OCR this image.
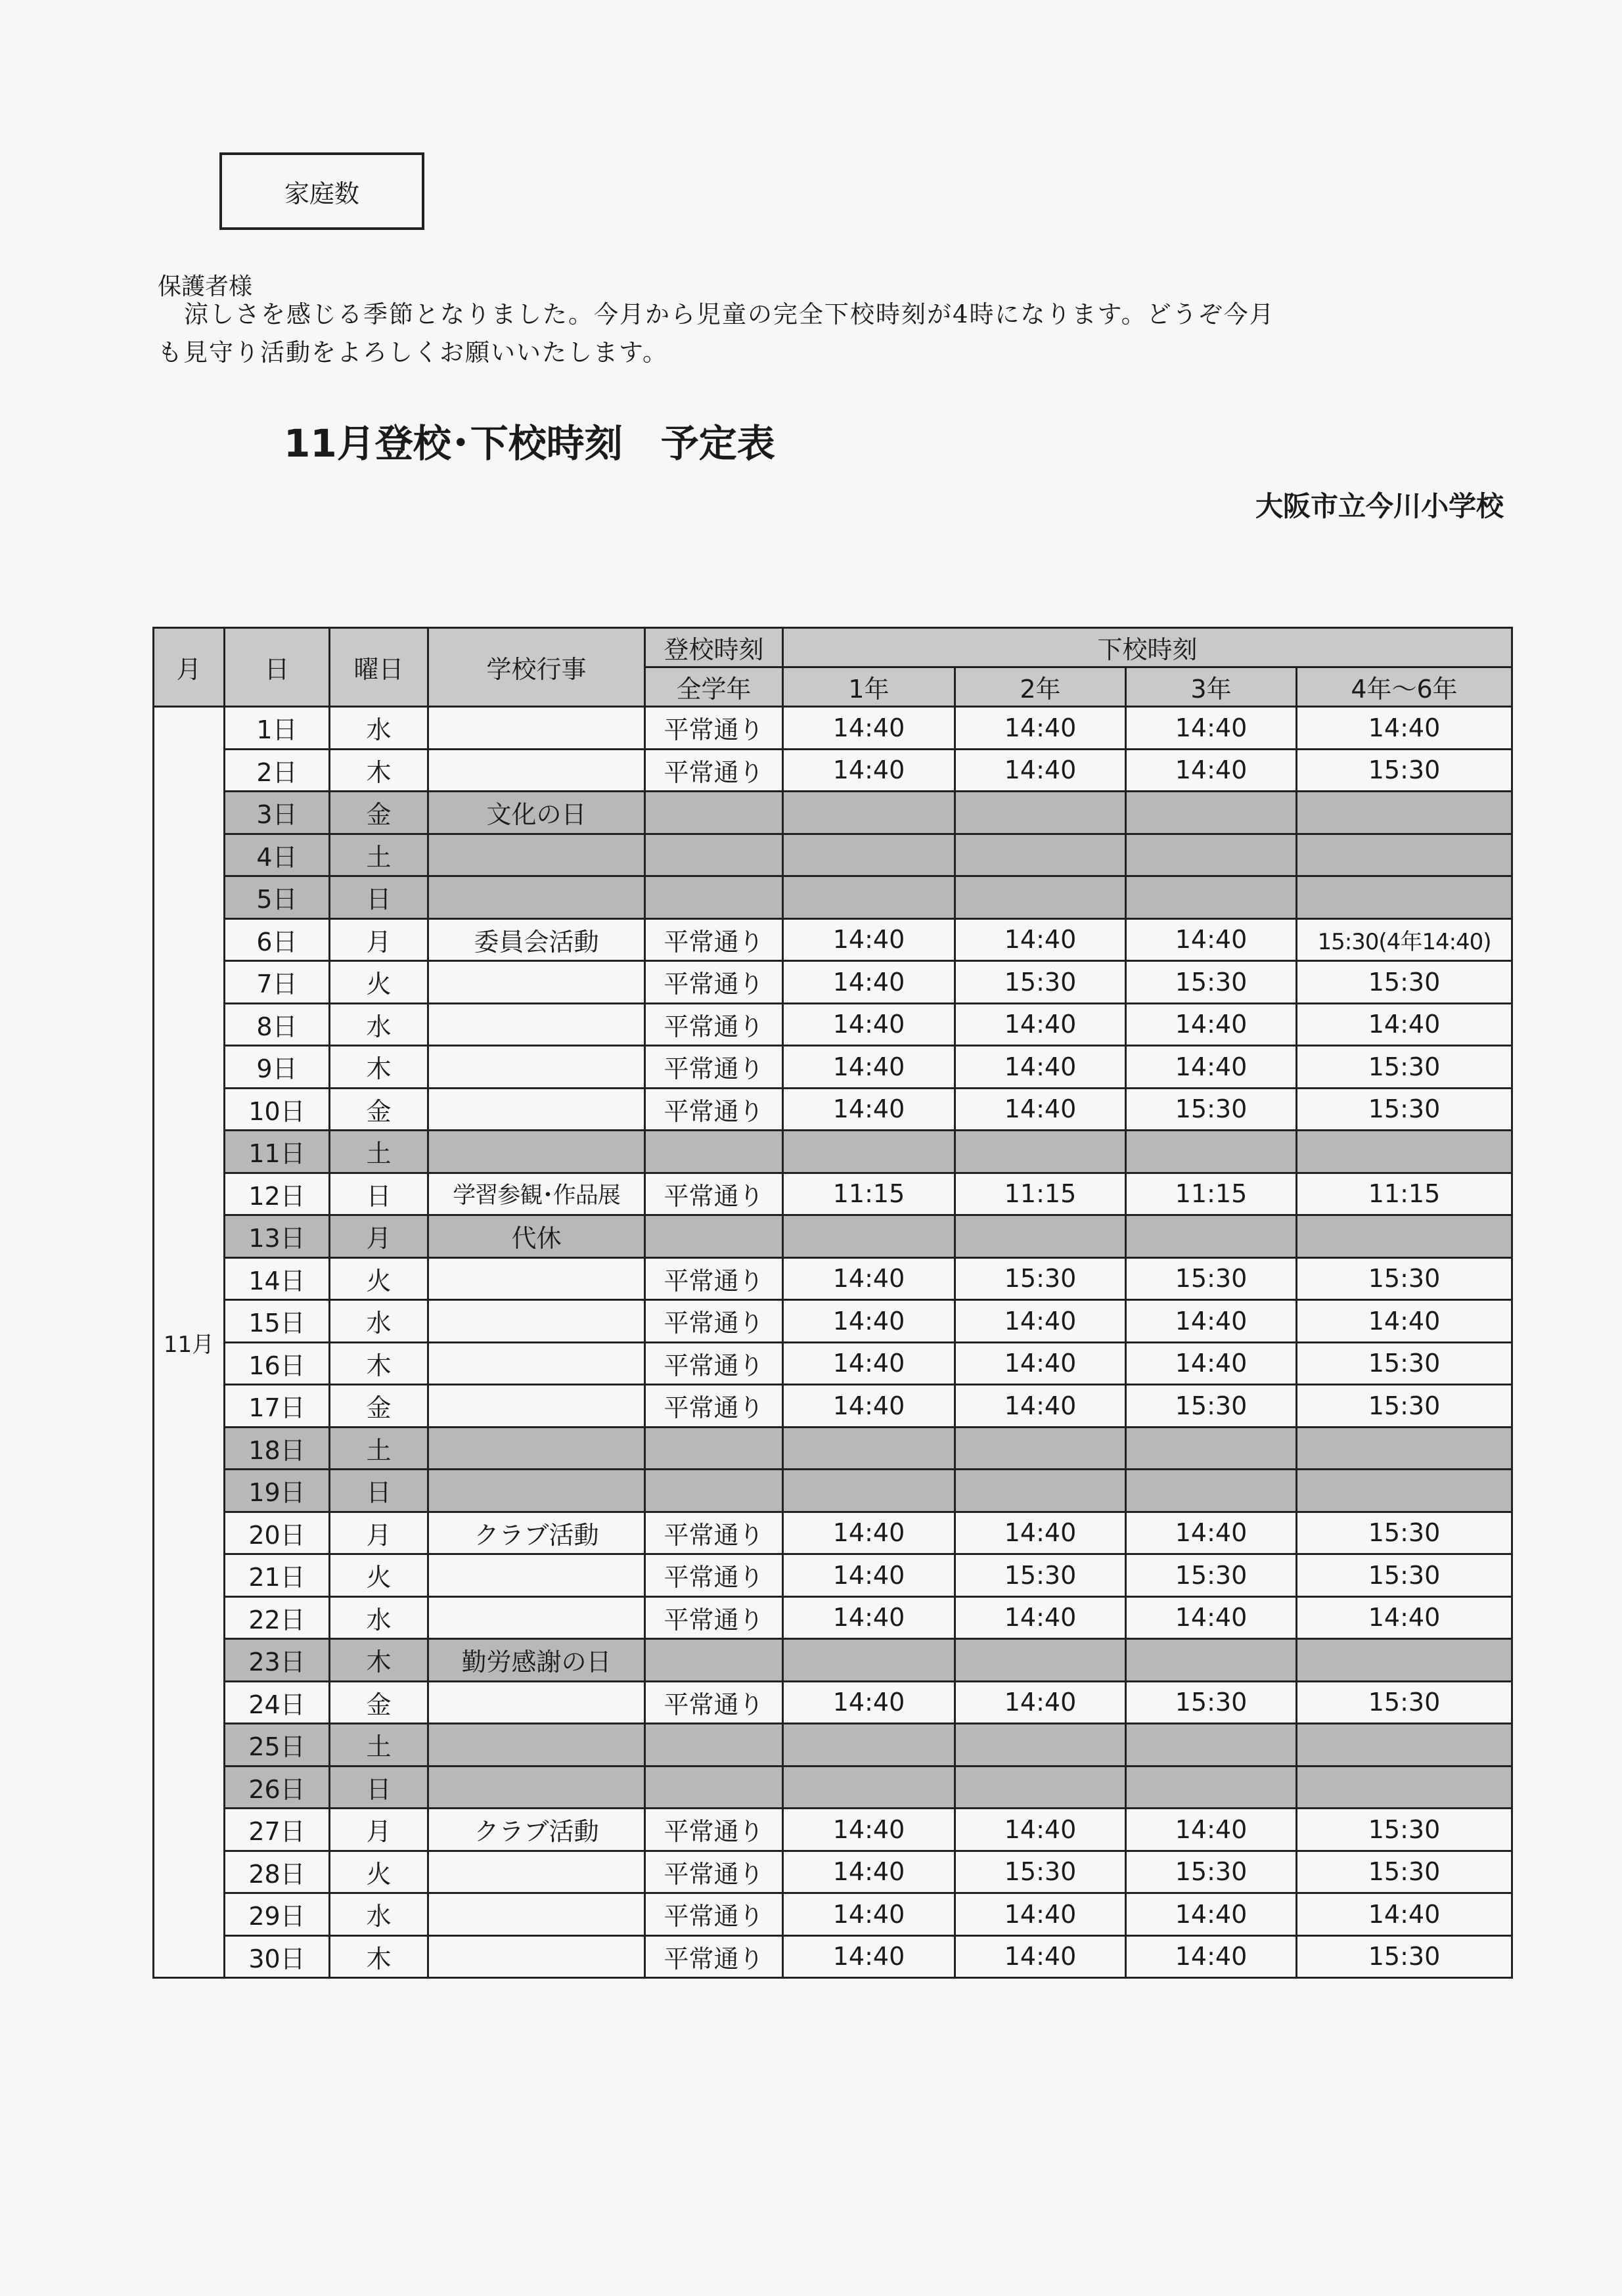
家庭数
保護者様
涼しさを感じる季節となりました。今月から児童の完全下校時刻が4時になります。どうぞ今月
も見守り活動をよろしくお願いいたします。
11月登校･下校時刻　予定表
大阪市立今川小学校
月	日	曜日	学校行事	登校時刻	下校時刻			
				全学年	1年	2年	3年	4年～6年
11月	1日	水		平常通り	14:40	14:40	14:40	14:40
	2日	木		平常通り	14:40	14:40	14:40	15:30
	3日	金	文化の日					
	4日	土						
	5日	日						
	6日	月	委員会活動	平常通り	14:40	14:40	14:40	15:30(4年14:40)
	7日	火		平常通り	14:40	15:30	15:30	15:30
	8日	水		平常通り	14:40	14:40	14:40	14:40
	9日	木		平常通り	14:40	14:40	14:40	15:30
	10日	金		平常通り	14:40	14:40	15:30	15:30
	11日	土						
	12日	日	学習参観･作品展	平常通り	11:15	11:15	11:15	11:15
	13日	月	代休					
	14日	火		平常通り	14:40	15:30	15:30	15:30
	15日	水		平常通り	14:40	14:40	14:40	14:40
	16日	木		平常通り	14:40	14:40	14:40	15:30
	17日	金		平常通り	14:40	14:40	15:30	15:30
	18日	土						
	19日	日						
	20日	月	クラブ活動	平常通り	14:40	14:40	14:40	15:30
	21日	火		平常通り	14:40	15:30	15:30	15:30
	22日	水		平常通り	14:40	14:40	14:40	14:40
	23日	木	勤労感謝の日					
	24日	金		平常通り	14:40	14:40	15:30	15:30
	25日	土						
	26日	日						
	27日	月	クラブ活動	平常通り	14:40	14:40	14:40	15:30
	28日	火		平常通り	14:40	15:30	15:30	15:30
	29日	水		平常通り	14:40	14:40	14:40	14:40
	30日	木		平常通り	14:40	14:40	14:40	15:30
